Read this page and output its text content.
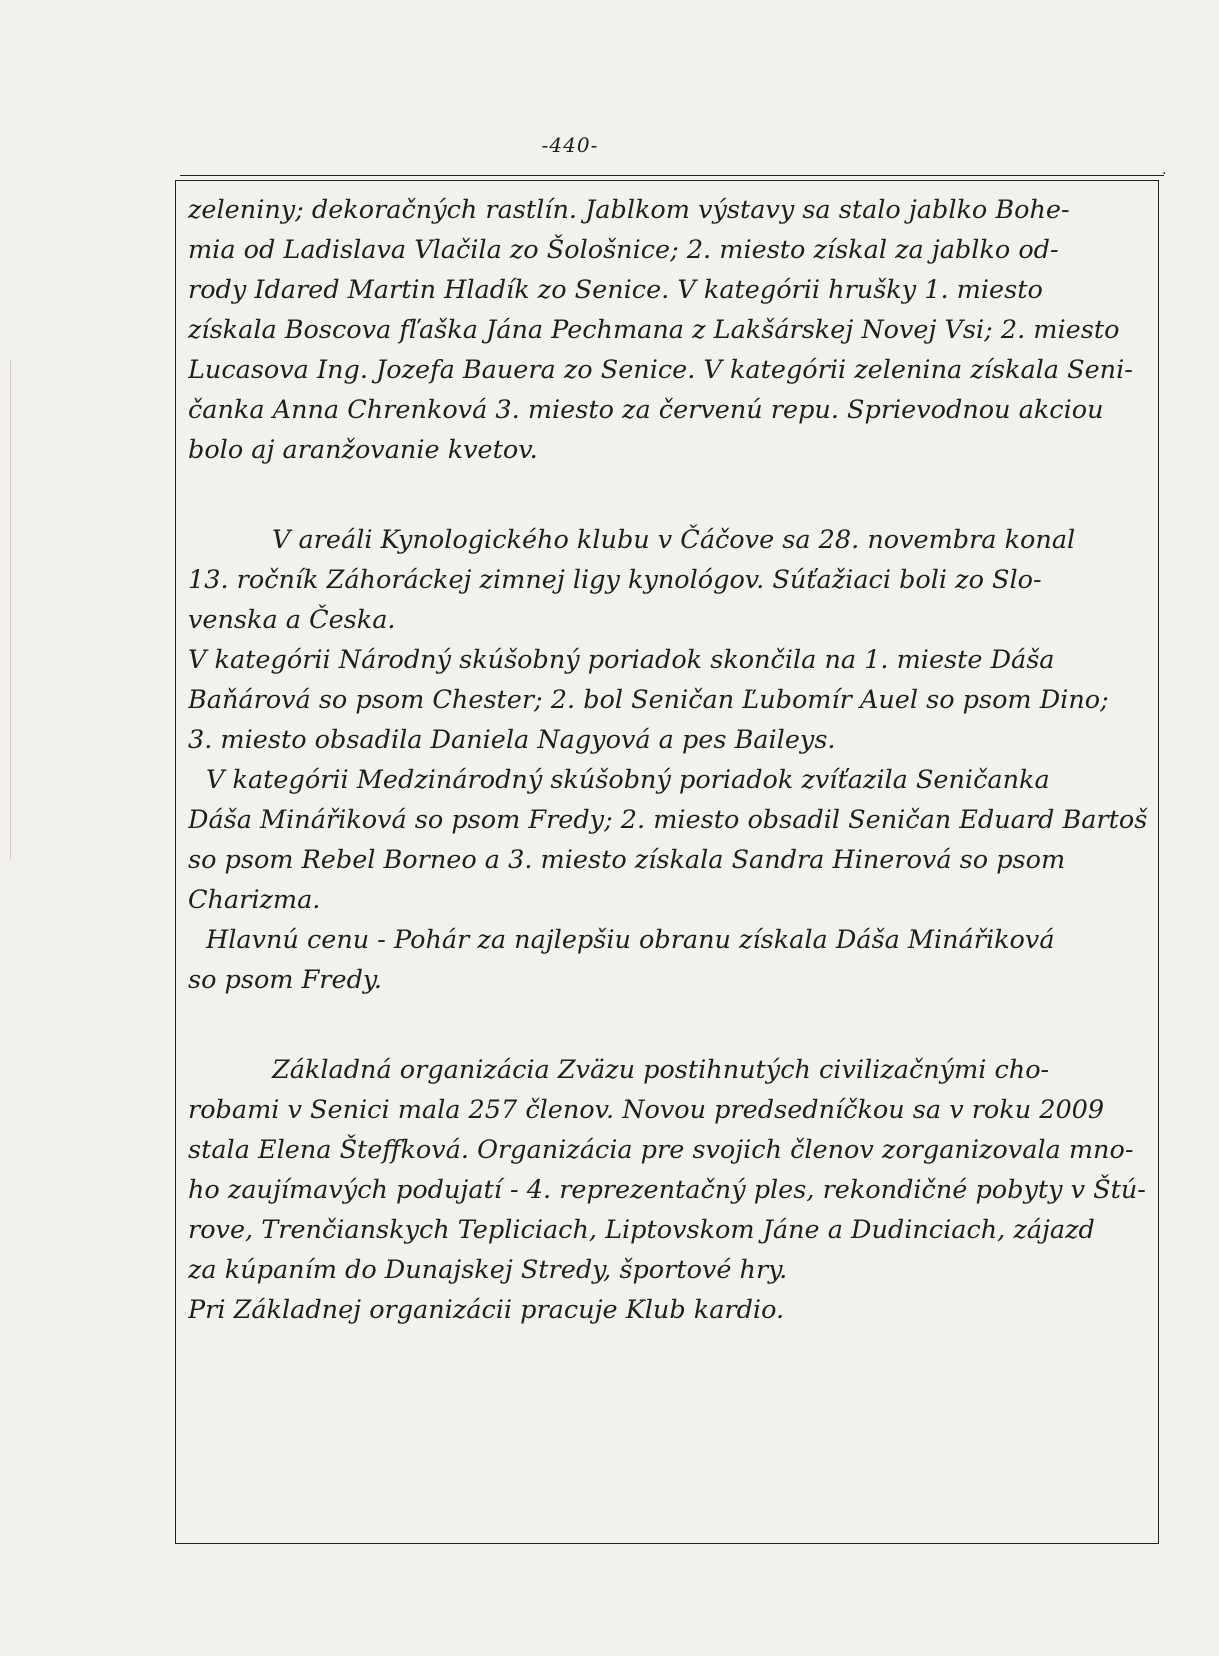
-440-
·
zeleniny; dekoračných rastlín. Jablkom výstavy sa stalo jablko Bohe-
mia od Ladislava Vlačila zo Šološnice; 2. miesto získal za jablko od-
rody Idared Martin Hladík zo Senice. V kategórii hrušky 1. miesto
získala Boscova fľaška Jána Pechmana z Lakšárskej Novej Vsi; 2. miesto
Lucasova Ing. Jozefa Bauera zo Senice. V kategórii zelenina získala Seni-
čanka Anna Chrenková 3. miesto za červenú repu. Sprievodnou akciou
bolo aj aranžovanie kvetov.
V areáli Kynologického klubu v Čáčove sa 28. novembra konal
13. ročník Záhoráckej zimnej ligy kynológov. Súťažiaci boli zo Slo-
venska a Česka.
V kategórii Národný skúšobný poriadok skončila na 1. mieste Dáša
Baňárová so psom Chester; 2. bol Seničan Ľubomír Auel so psom Dino;
3. miesto obsadila Daniela Nagyová a pes Baileys.
V kategórii Medzinárodný skúšobný poriadok zvíťazila Seničanka
Dáša Minářiková so psom Fredy; 2. miesto obsadil Seničan Eduard Bartoš
so psom Rebel Borneo a 3. miesto získala Sandra Hinerová so psom
Charizma.
Hlavnú cenu - Pohár za najlepšiu obranu získala Dáša Minářiková
so psom Fredy.
Základná organizácia Zväzu postihnutých civilizačnými cho-
robami v Senici mala 257 členov. Novou predsedníčkou sa v roku 2009
stala Elena Šteffková. Organizácia pre svojich členov zorganizovala mno-
ho zaujímavých podujatí - 4. reprezentačný ples, rekondičné pobyty v Štú-
rove, Trenčianskych Tepliciach, Liptovskom Jáne a Dudinciach, zájazd
za kúpaním do Dunajskej Stredy, športové hry.
Pri Základnej organizácii pracuje Klub kardio.
